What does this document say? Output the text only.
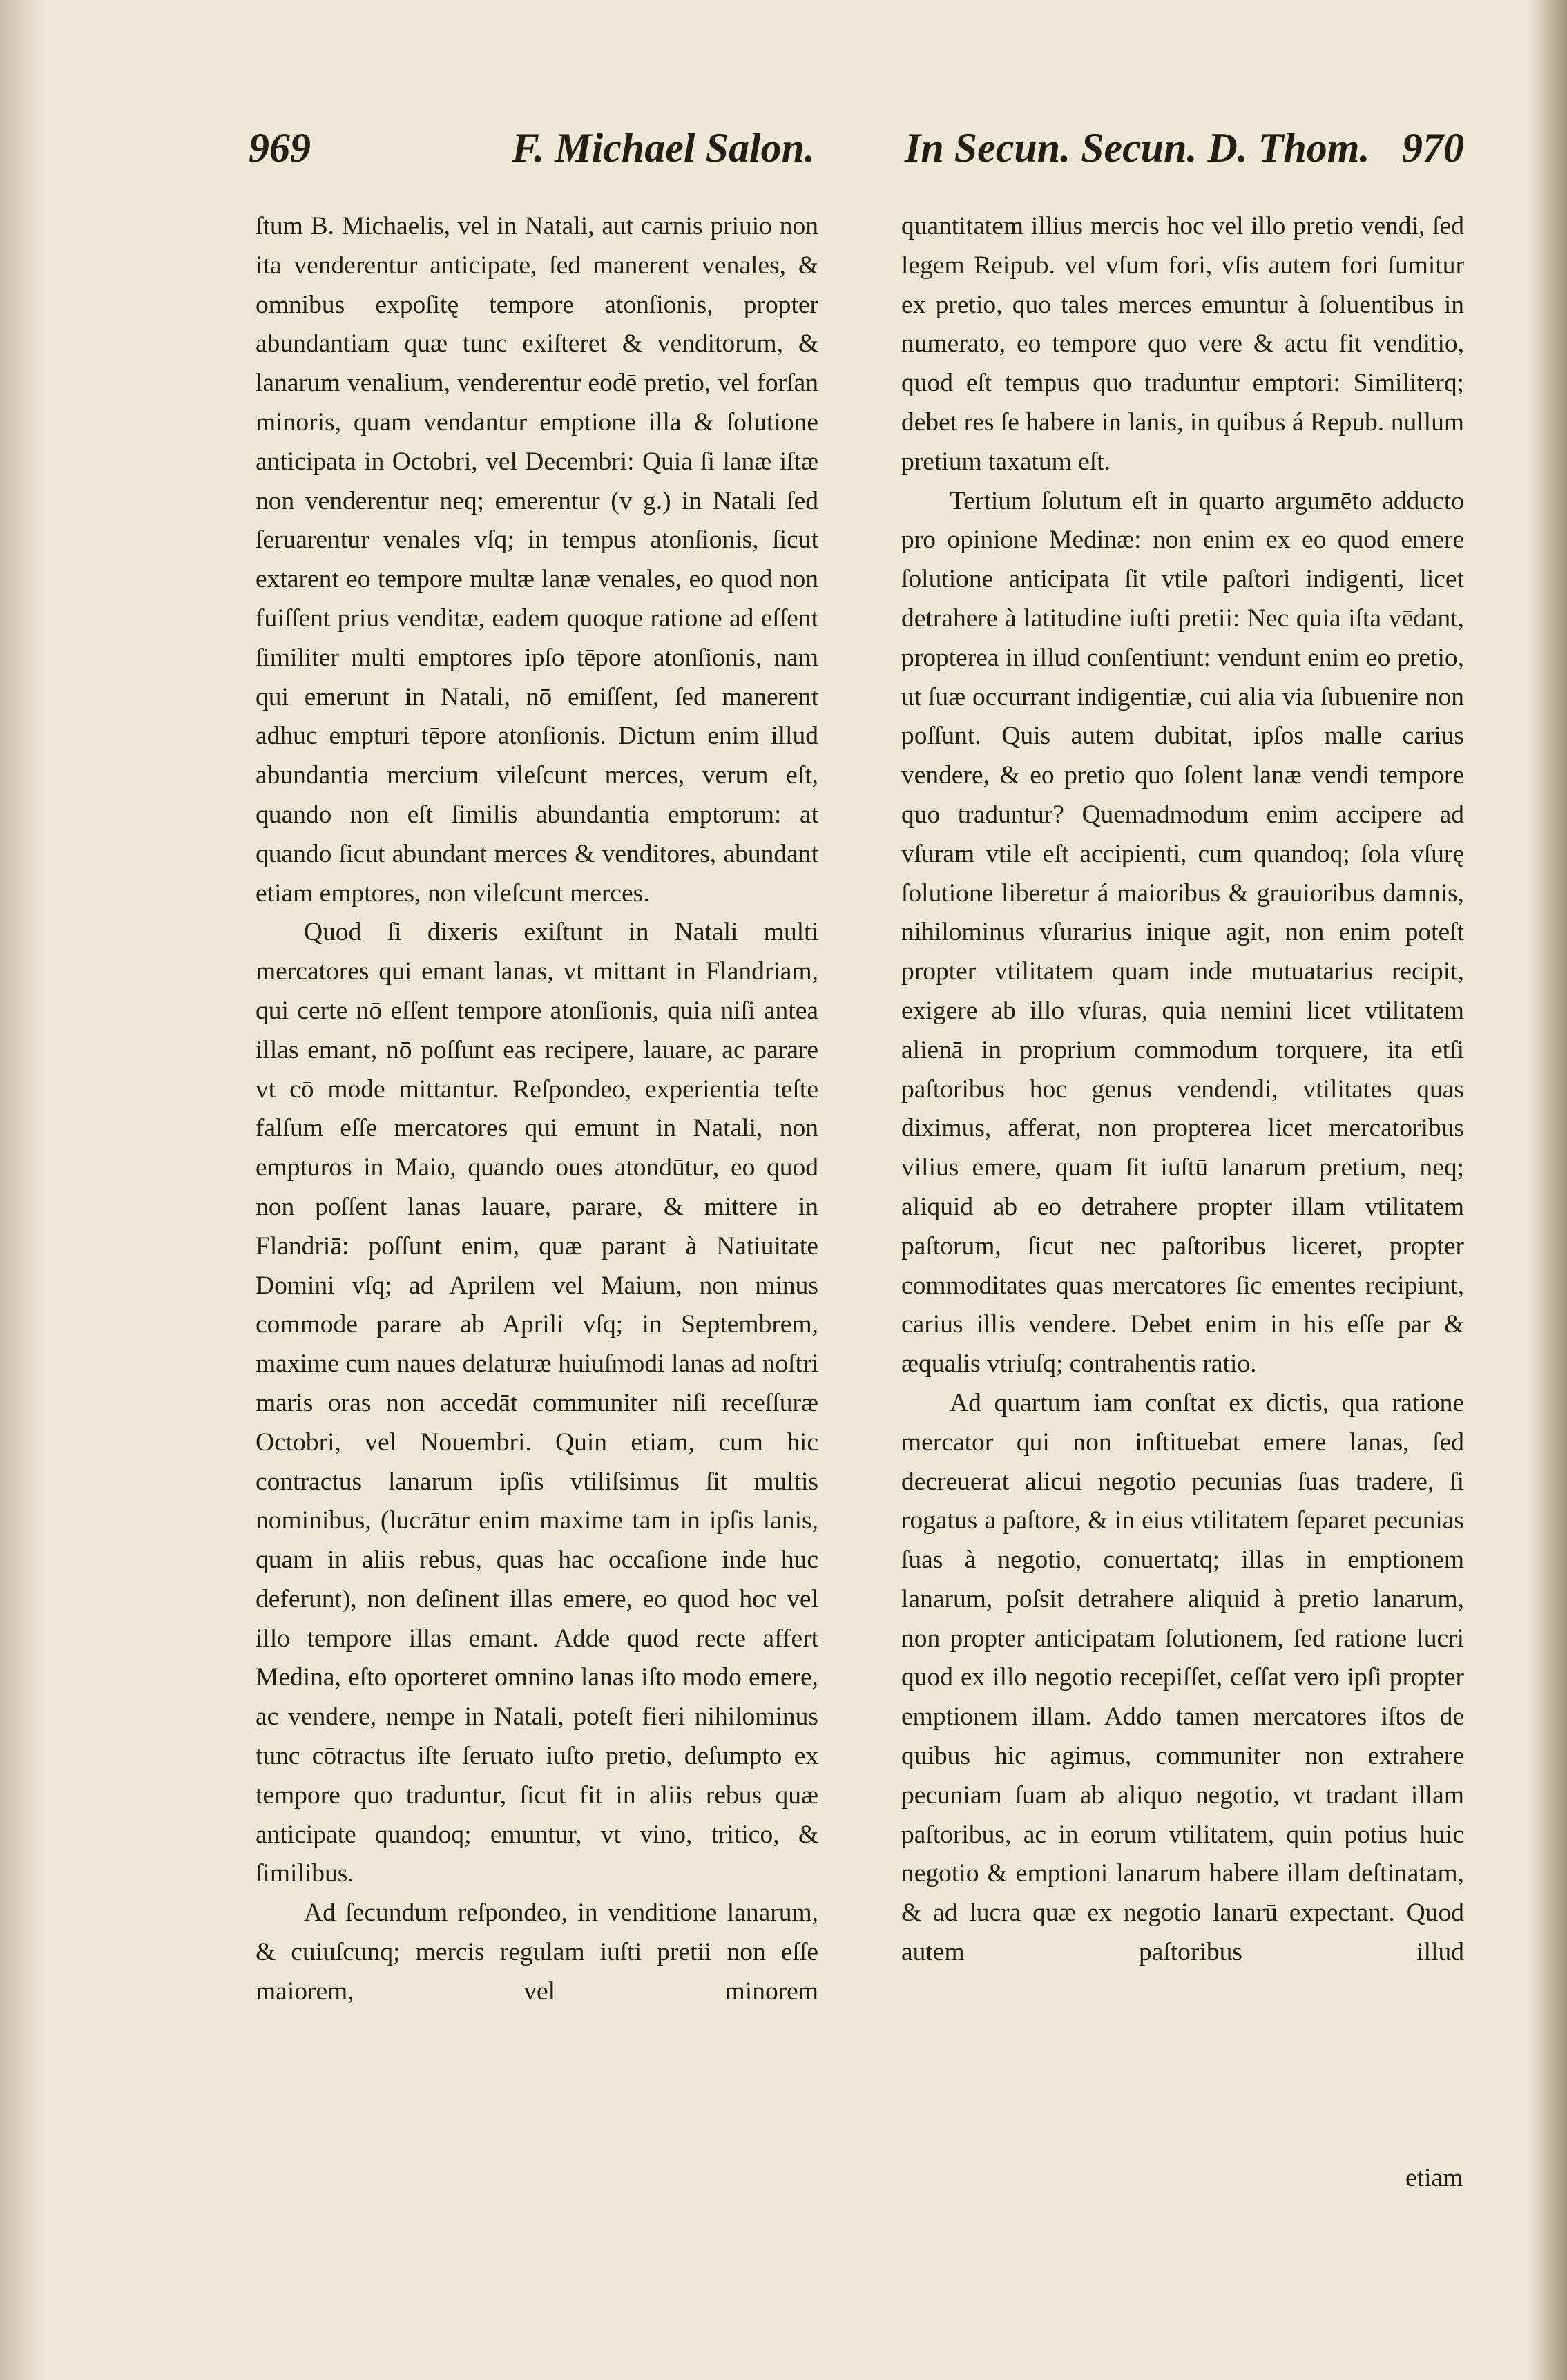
969	F. Michael Salon. In Secun. Secun. D. Thom. 970

ſtum B. Michaelis, vel in Natali, aut carnis priuio non ita venderentur anticipate, ſed manerent venales, & omnibus expoſitę tempore atonſionis, propter abundantiam quæ tunc exiſteret & venditorum, & lanarum venalium, venderentur eodē pretio, vel forſan minoris, quam vendantur emptione illa & ſolutione anticipata in Octobri, vel Decembri: Quia ſi lanæ iſtæ non venderentur neq; emerentur (v g.) in Natali ſed ſeruarentur venales vſq; in tempus atonſionis, ſicut extarent eo tempore multæ lanæ venales, eo quod non fuiſſent prius venditæ, eadem quoque ratione ad eſſent ſimiliter multi emptores ipſo tēpore atonſionis, nam qui emerunt in Natali, nō emiſſent, ſed manerent adhuc empturi tēpore atonſionis. Dictum enim illud abundantia mercium vileſcunt merces, verum eſt, quando non eſt ſimilis abundantia emptorum: at quando ſicut abundant merces & venditores, abundant etiam emptores, non vileſcunt merces.

Quod ſi dixeris exiſtunt in Natali multi mercatores qui emant lanas, vt mittant in Flandriam, qui certe nō eſſent tempore atonſionis, quia niſi antea illas emant, nō poſſunt eas recipere, lauare, ac parare vt cō mode mittantur. Reſpondeo, experientia teſte falſum eſſe mercatores qui emunt in Natali, non empturos in Maio, quando oues atondūtur, eo quod non poſſent lanas lauare, parare, & mittere in Flandriā: poſſunt enim, quæ parant à Natiuitate Domini vſq; ad Aprilem vel Maium, non minus commode parare ab Aprili vſq; in Septembrem, maxime cum naues delaturæ huiuſmodi lanas ad noſtri maris oras non accedāt communiter niſi receſſuræ Octobri, vel Nouembri. Quin etiam, cum hic contractus lanarum ipſis vtiliſsimus ſit multis nominibus, (lucrātur enim maxime tam in ipſis lanis, quam in aliis rebus, quas hac occaſione inde huc deferunt), non deſinent illas emere, eo quod hoc vel illo tempore illas emant. Adde quod recte affert Medina, eſto oporteret omnino lanas iſto modo emere, ac vendere, nempe in Natali, poteſt fieri nihilominus tunc cōtractus iſte ſeruato iuſto pretio, deſumpto ex tempore quo traduntur, ſicut fit in aliis rebus quæ anticipate quandoq; emuntur, vt vino, tritico, & ſimilibus.

Ad ſecundum reſpondeo, in venditione lanarum, & cuiuſcunq; mercis regulam iuſti pretii non eſſe maiorem, vel minorem

quantitatem illius mercis hoc vel illo pretio vendi, ſed legem Reipub. vel vſum fori, vſis autem fori ſumitur ex pretio, quo tales merces emuntur à ſoluentibus in numerato, eo tempore quo vere & actu fit venditio, quod eſt tempus quo traduntur emptori: Similiterq; debet res ſe habere in lanis, in quibus á Repub. nullum pretium taxatum eſt.

Tertium ſolutum eſt in quarto argumēto adducto pro opinione Medinæ: non enim ex eo quod emere ſolutione anticipata ſit vtile paſtori indigenti, licet detrahere à latitudine iuſti pretii: Nec quia iſta vēdant, propterea in illud conſentiunt: vendunt enim eo pretio, ut ſuæ occurrant indigentiæ, cui alia via ſubuenire non poſſunt. Quis autem dubitat, ipſos malle carius vendere, & eo pretio quo ſolent lanæ vendi tempore quo traduntur? Quemadmodum enim accipere ad vſuram vtile eſt accipienti, cum quandoq; ſola vſurę ſolutione liberetur á maioribus & grauioribus damnis, nihilominus vſurarius inique agit, non enim poteſt propter vtilitatem quam inde mutuatarius recipit, exigere ab illo vſuras, quia nemini licet vtilitatem alienā in proprium commodum torquere, ita etſi paſtoribus hoc genus vendendi, vtilitates quas diximus, afferat, non propterea licet mercatoribus vilius emere, quam ſit iuſtū lanarum pretium, neq; aliquid ab eo detrahere propter illam vtilitatem paſtorum, ſicut nec paſtoribus liceret, propter commoditates quas mercatores ſic ementes recipiunt, carius illis vendere. Debet enim in his eſſe par & æqualis vtriuſq; contrahentis ratio.

Ad quartum iam conſtat ex dictis, qua ratione mercator qui non inſtituebat emere lanas, ſed decreuerat alicui negotio pecunias ſuas tradere, ſi rogatus a paſtore, & in eius vtilitatem ſeparet pecunias ſuas à negotio, conuertatq; illas in emptionem lanarum, poſsit detrahere aliquid à pretio lanarum, non propter anticipatam ſolutionem, ſed ratione lucri quod ex illo negotio recepiſſet, ceſſat vero ipſi propter emptionem illam. Addo tamen mercatores iſtos de quibus hic agimus, communiter non extrahere pecuniam ſuam ab aliquo negotio, vt tradant illam paſtoribus, ac in eorum vtilitatem, quin potius huic negotio & emptioni lanarum habere illam deſtinatam, & ad lucra quæ ex negotio lanarū expectant. Quod autem paſtoribus illud

etiam
